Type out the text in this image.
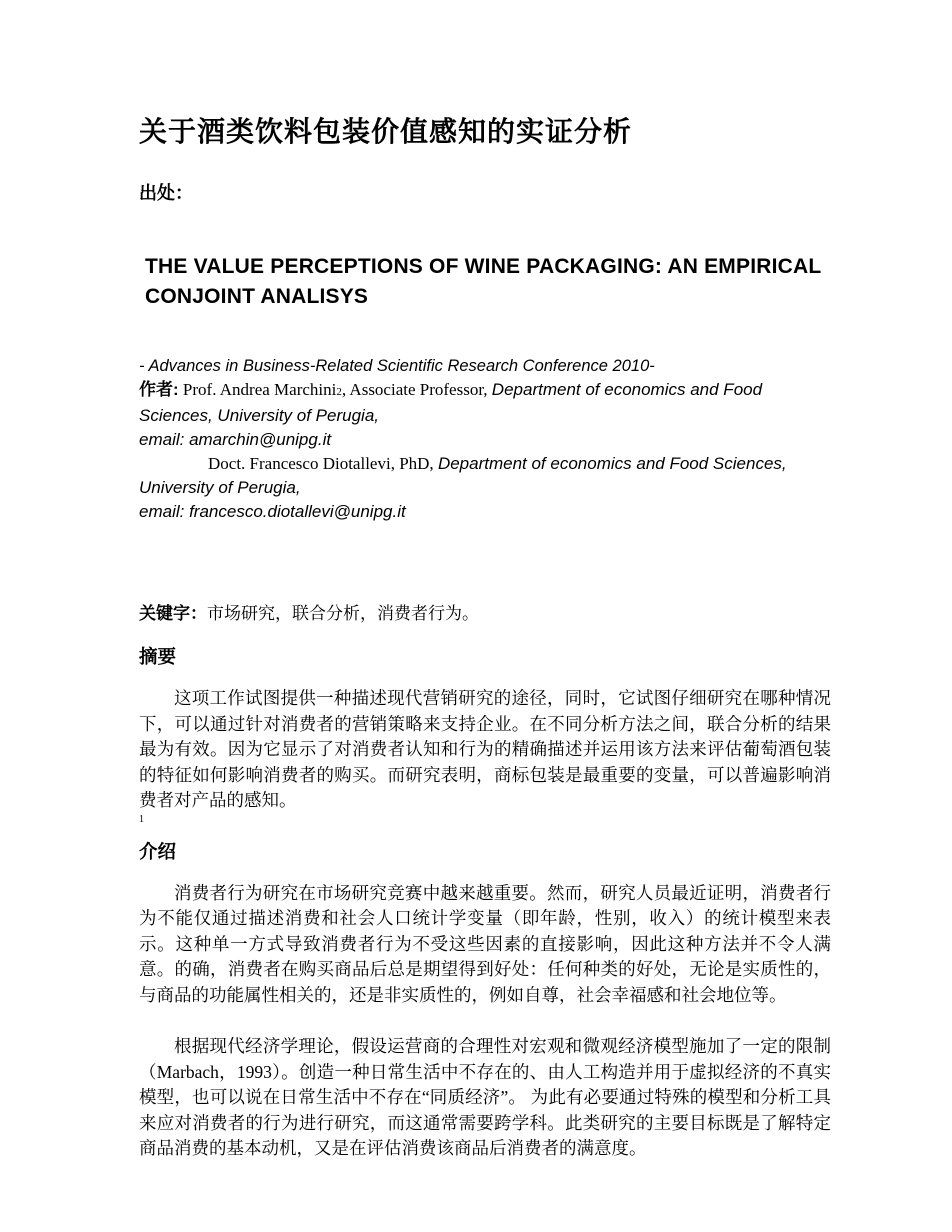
关于酒类饮料包装价值感知的实证分析

出处：

THE VALUE PERCEPTIONS OF WINE PACKAGING: AN EMPIRICAL CONJOINT ANALISYS

- Advances in Business-Related Scientific Research Conference 2010-

作者: Prof. Andrea Marchini2, Associate Professor, Department of economics and Food Sciences, University of Perugia,
email: amarchin@unipg.it
Doct. Francesco Diotallevi, PhD, Department of economics and Food Sciences, University of Perugia,
email: francesco.diotallevi@unipg.it

关键字：市场研究，联合分析，消费者行为。

摘要

这项工作试图提供一种描述现代营销研究的途径，同时，它试图仔细研究在哪种情况下，可以通过针对消费者的营销策略来支持企业。在不同分析方法之间，联合分析的结果最为有效。因为它显示了对消费者认知和行为的精确描述并运用该方法来评估葡萄酒包装的特征如何影响消费者的购买。而研究表明，商标包装是最重要的变量，可以普遍影响消费者对产品的感知。

1

介绍

消费者行为研究在市场研究竞赛中越来越重要。然而，研究人员最近证明，消费者行为不能仅通过描述消费和社会人口统计学变量（即年龄，性别，收入）的统计模型来表示。这种单一方式导致消费者行为不受这些因素的直接影响，因此这种方法并不令人满意。的确，消费者在购买商品后总是期望得到好处：任何种类的好处，无论是实质性的，与商品的功能属性相关的，还是非实质性的，例如自尊，社会幸福感和社会地位等。

根据现代经济学理论，假设运营商的合理性对宏观和微观经济模型施加了一定的限制（Marbach，1993）。创造一种日常生活中不存在的、由人工构造并用于虚拟经济的不真实模型，也可以说在日常生活中不存在“同质经济”。 为此有必要通过特殊的模型和分析工具来应对消费者的行为进行研究，而这通常需要跨学科。此类研究的主要目标既是了解特定商品消费的基本动机，又是在评估消费该商品后消费者的满意度。
